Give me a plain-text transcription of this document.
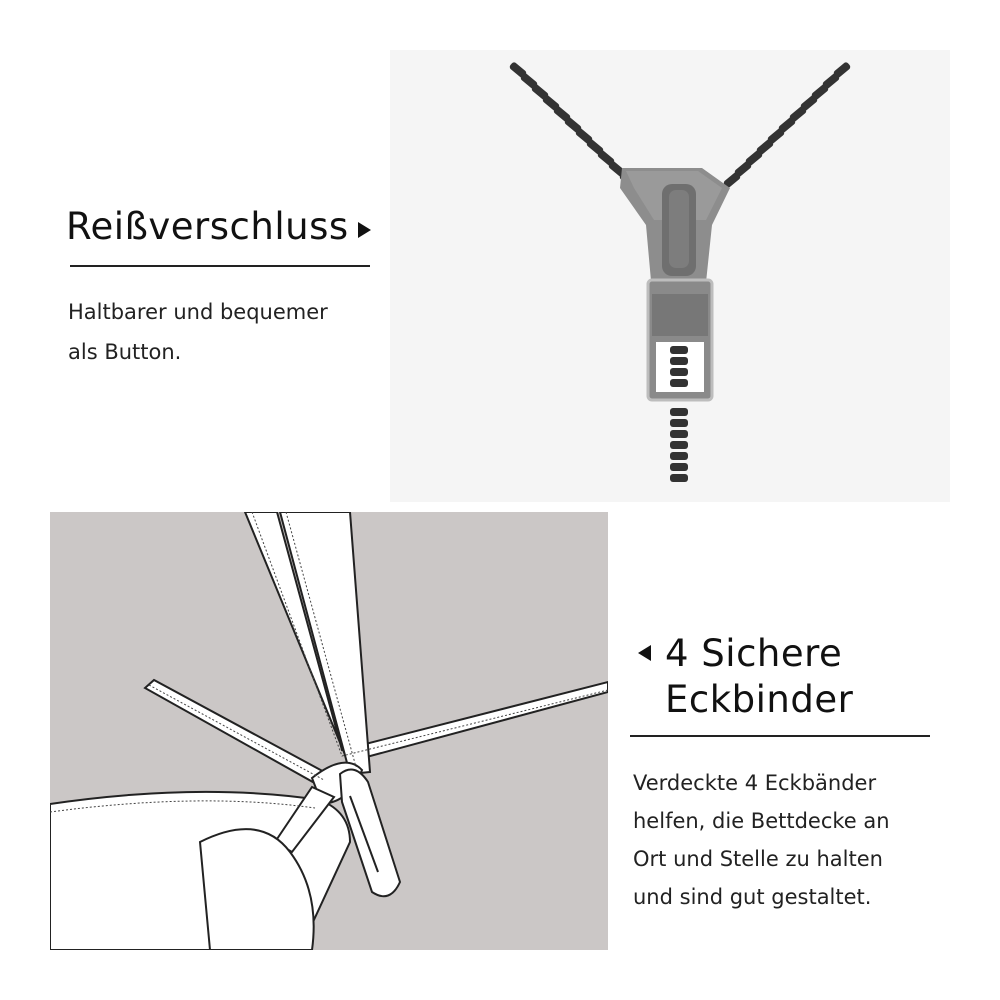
Reißverschluss
Haltbarer und bequemer
als Button.
4 Sichere
Eckbinder
Verdeckte 4 Eckbänder
helfen, die Bettdecke an
Ort und Stelle zu halten
und sind gut gestaltet.
